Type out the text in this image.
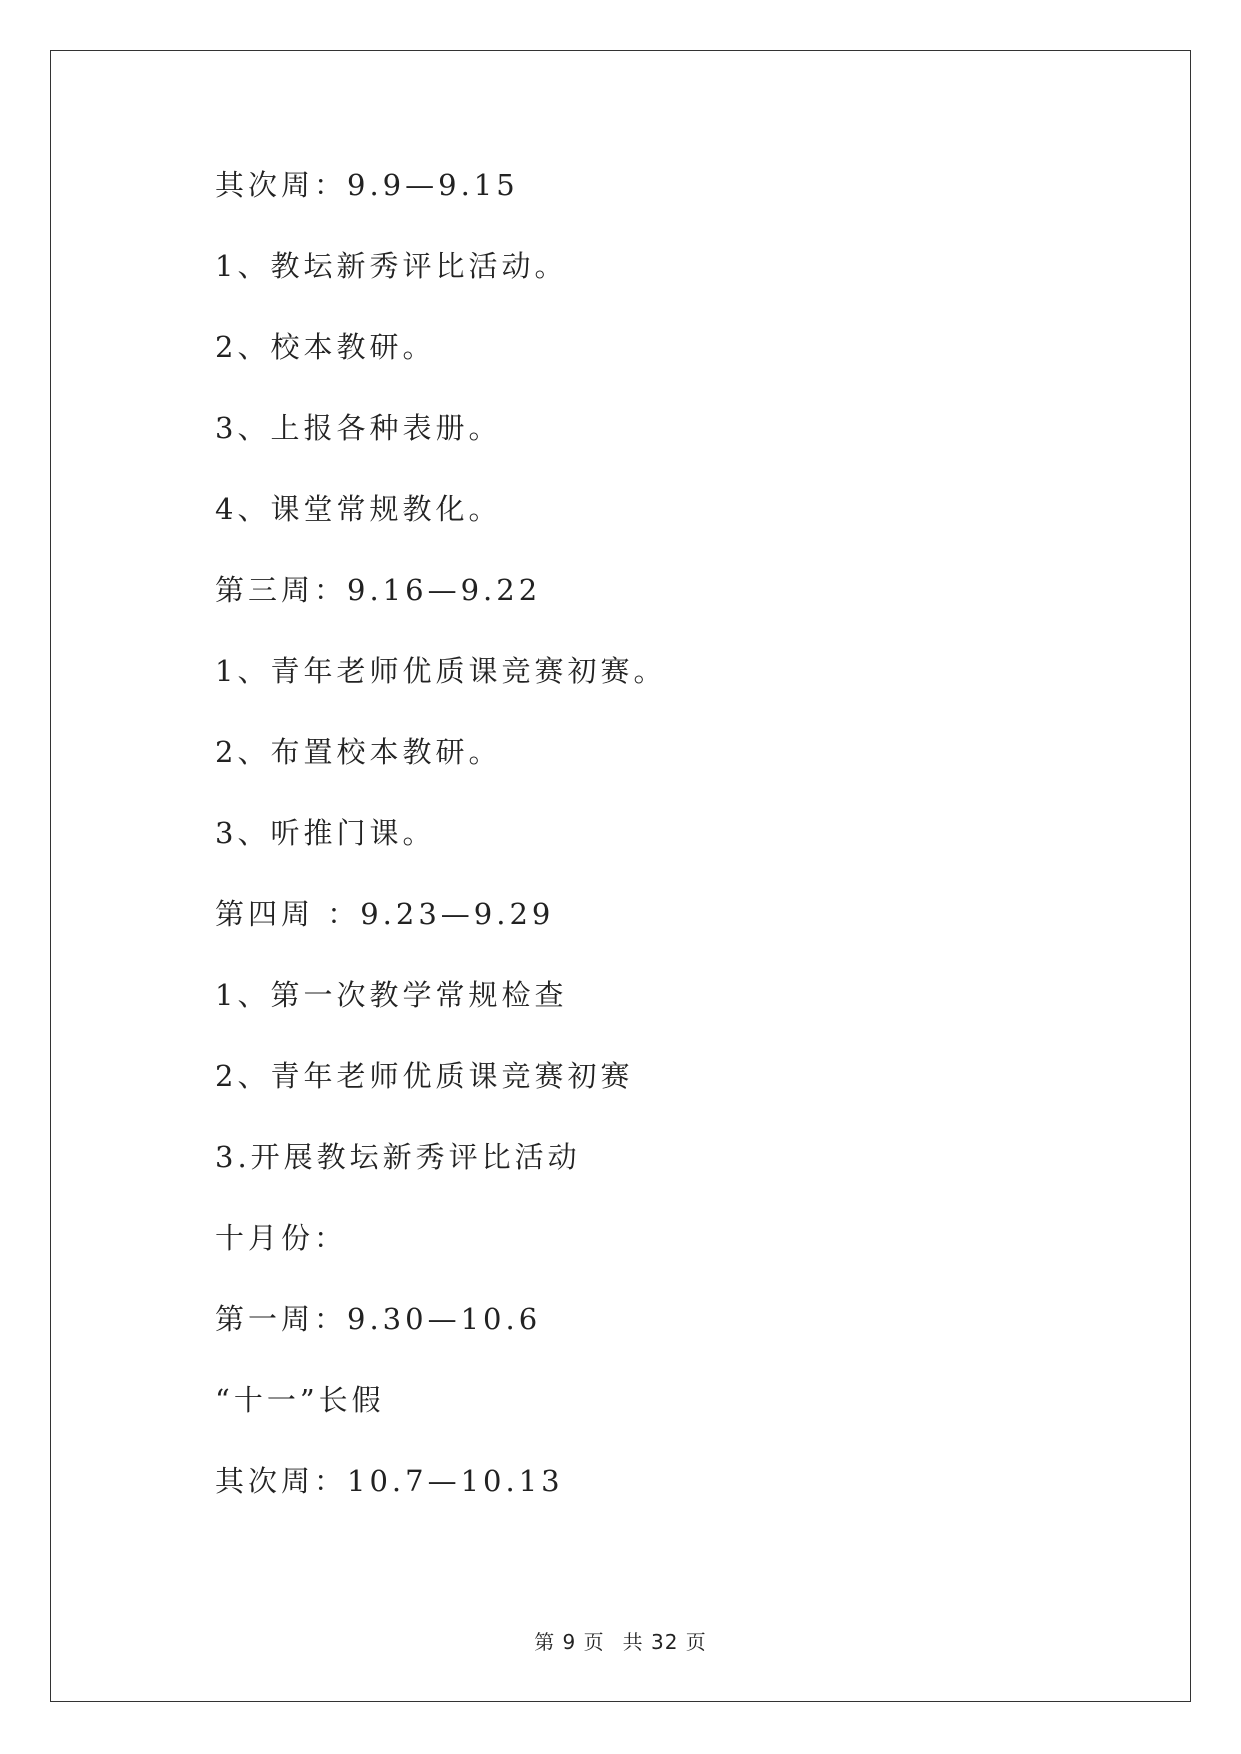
其次周：9.9—9.15
1、教坛新秀评比活动。
2、校本教研。
3、上报各种表册。
4、课堂常规教化。
第三周：9.16—9.22
1、青年老师优质课竞赛初赛。
2、布置校本教研。
3、听推门课。
第四周 ：9.23—9.29
1、第一次教学常规检查
2、青年老师优质课竞赛初赛
3.开展教坛新秀评比活动
十月份：
第一周：9.30—10.6
“十一”长假
其次周：10.7—10.13
第 9 页 共 32 页
